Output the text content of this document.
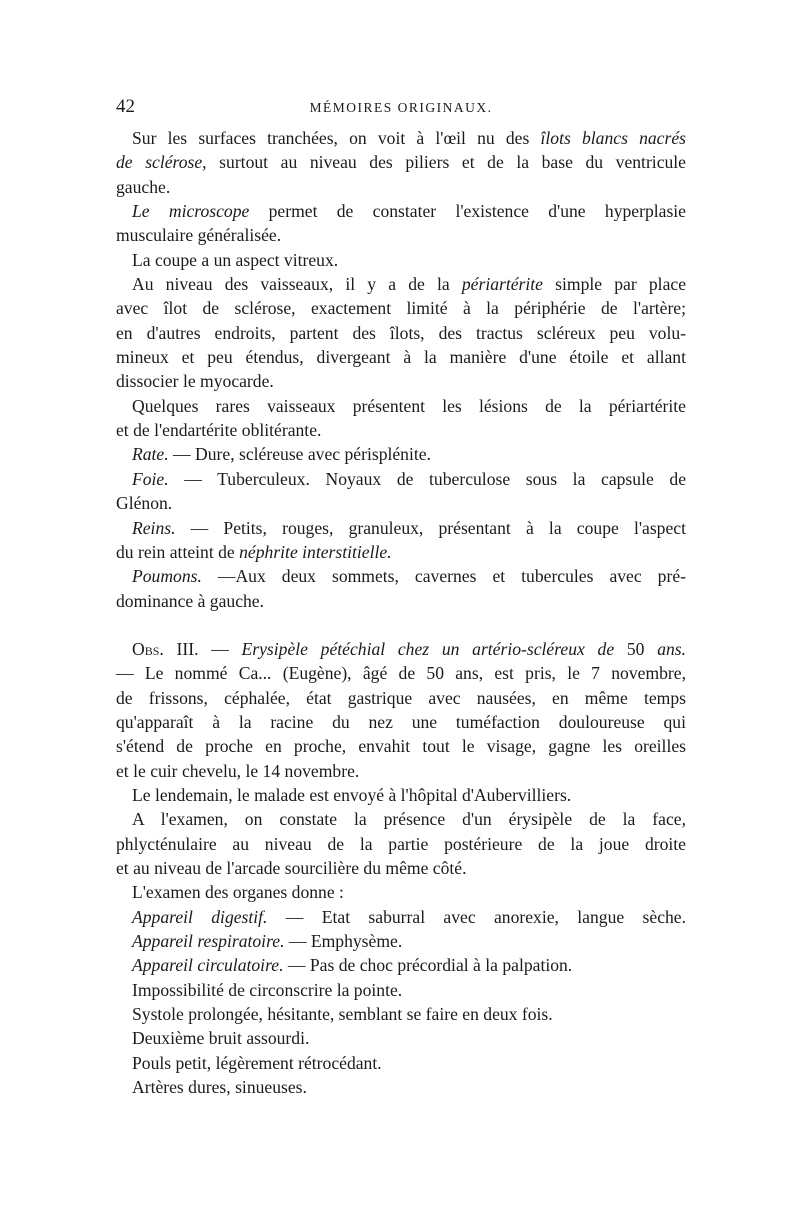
42	MÉMOIRES ORIGINAUX.
Sur les surfaces tranchées, on voit à l'œil nu des îlots blancs nacrés
de sclérose, surtout au niveau des piliers et de la base du ventricule
gauche.
Le microscope permet de constater l'existence d'une hyperplasie
musculaire généralisée.
La coupe a un aspect vitreux.
Au niveau des vaisseaux, il y a de la périartérite simple par place
avec îlot de sclérose, exactement limité à la périphérie de l'artère;
en d'autres endroits, partent des îlots, des tractus scléreux peu volu-
mineux et peu étendus, divergeant à la manière d'une étoile et allant
dissocier le myocarde.
Quelques rares vaisseaux présentent les lésions de la périartérite
et de l'endartérite oblitérante.
Rate. — Dure, scléreuse avec périsplénite.
Foie. — Tuberculeux. Noyaux de tuberculose sous la capsule de
Glénon.
Reins. — Petits, rouges, granuleux, présentant à la coupe l'aspect
du rein atteint de néphrite interstitielle.
Poumons. —Aux deux sommets, cavernes et tubercules avec pré-
dominance à gauche.
Obs. III. — Erysipèle pétéchial chez un artério-scléreux de 50 ans.
— Le nommé Ca... (Eugène), âgé de 50 ans, est pris, le 7 novembre,
de frissons, céphalée, état gastrique avec nausées, en même temps
qu'apparaît à la racine du nez une tuméfaction douloureuse qui
s'étend de proche en proche, envahit tout le visage, gagne les oreilles
et le cuir chevelu, le 14 novembre.
Le lendemain, le malade est envoyé à l'hôpital d'Aubervilliers.
A l'examen, on constate la présence d'un érysipèle de la face,
phlycténulaire au niveau de la partie postérieure de la joue droite
et au niveau de l'arcade sourcilière du même côté.
L'examen des organes donne :
Appareil digestif. — Etat saburral avec anorexie, langue sèche.
Appareil respiratoire. — Emphysème.
Appareil circulatoire. — Pas de choc précordial à la palpation.
Impossibilité de circonscrire la pointe.
Systole prolongée, hésitante, semblant se faire en deux fois.
Deuxième bruit assourdi.
Pouls petit, légèrement rétrocédant.
Artères dures, sinueuses.
